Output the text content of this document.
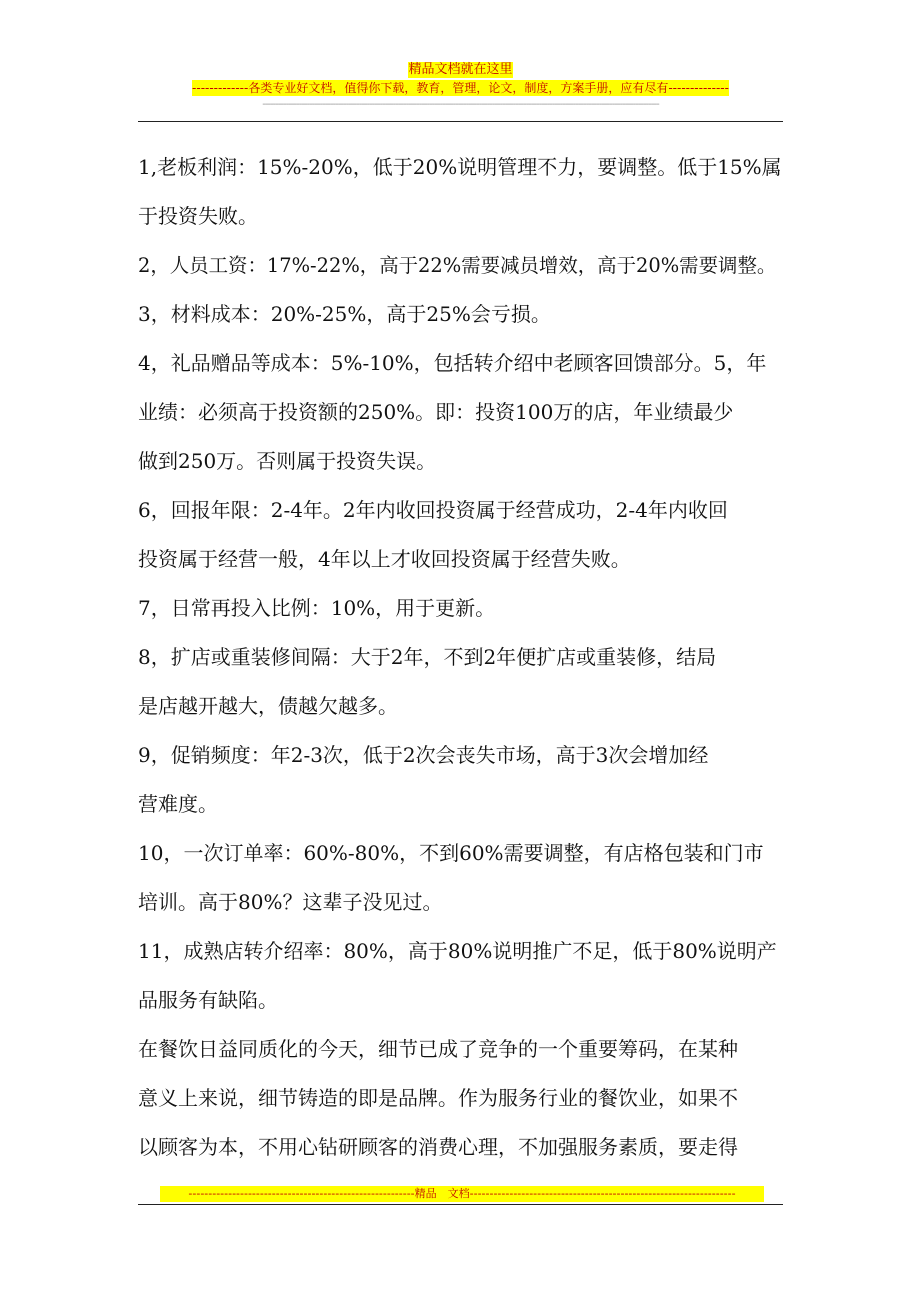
精品文档就在这里
-------------各类专业好文档，值得你下载，教育，管理，论文，制度，方案手册，应有尽有--------------
--------------------------------------------------------------------------------------------------------------------------------------------------------

1,老板利润：15%-20%，低于20%说明管理不力，要调整。低于15%属

于投资失败。

2，人员工资：17%-22%，高于22%需要减员增效，高于20%需要调整。

3，材料成本：20%-25%，高于25%会亏损。

4，礼品赠品等成本：5%-10%，包括转介绍中老顾客回馈部分。5，年

业绩：必须高于投资额的250%。即：投资100万的店，年业绩最少

做到250万。否则属于投资失误。

6，回报年限：2-4年。2年内收回投资属于经营成功，2-4年内收回

投资属于经营一般，4年以上才收回投资属于经营失败。

7，日常再投入比例：10%，用于更新。

8，扩店或重装修间隔：大于2年，不到2年便扩店或重装修，结局

是店越开越大，债越欠越多。

9，促销频度：年2-3次，低于2次会丧失市场，高于3次会增加经

营难度。

10，一次订单率：60%-80%，不到60%需要调整，有店格包装和门市

培训。高于80%？这辈子没见过。

11，成熟店转介绍率：80%，高于80%说明推广不足，低于80%说明产

品服务有缺陷。

在餐饮日益同质化的今天，细节已成了竞争的一个重要筹码，在某种

意义上来说，细节铸造的即是品牌。作为服务行业的餐饮业，如果不

以顾客为本，不用心钻研顾客的消费心理，不加强服务素质，要走得

---------------------------------------------------------精品　文档-------------------------------------------------------------------
